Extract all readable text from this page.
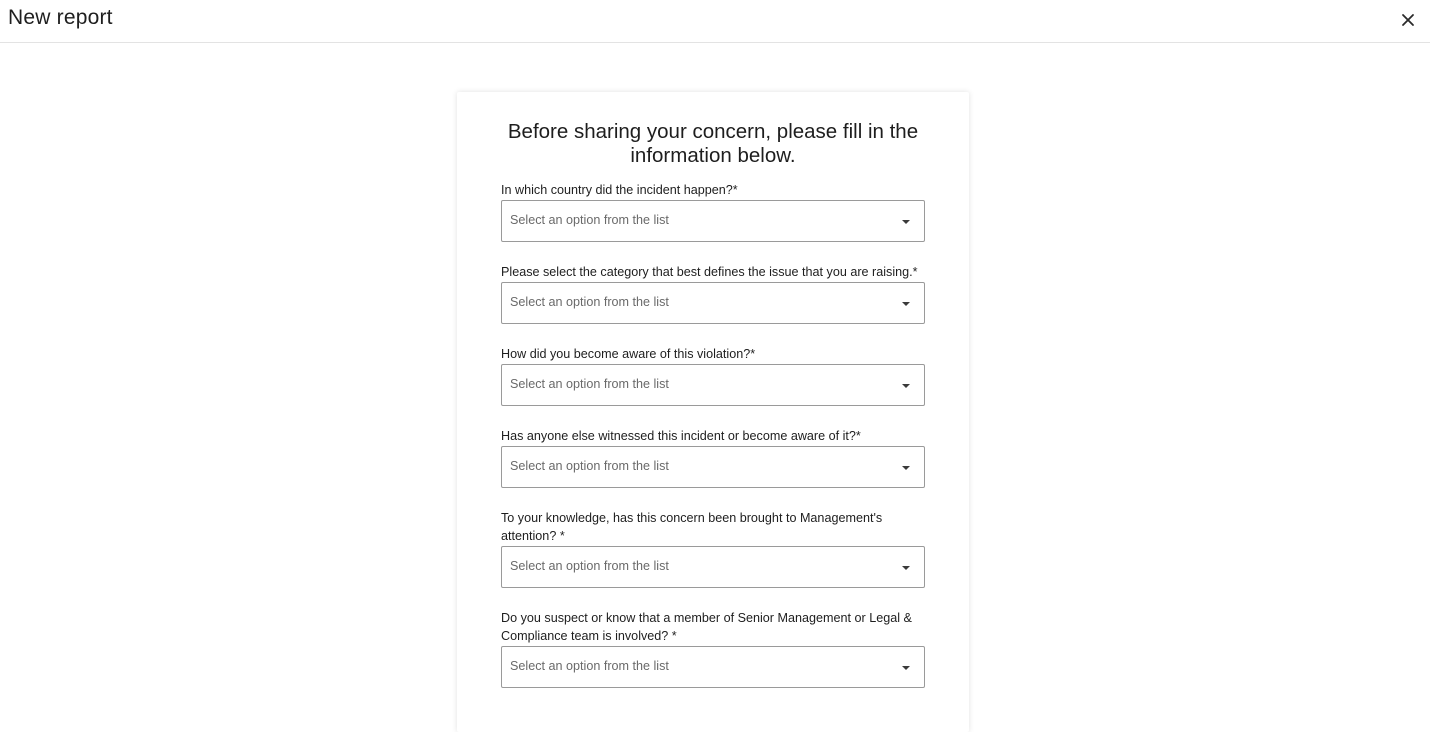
New report
Before sharing your concern, please fill in the information below.
In which country did the incident happen?*
Select an option from the list
Please select the category that best defines the issue that you are raising.*
Select an option from the list
How did you become aware of this violation?*
Select an option from the list
Has anyone else witnessed this incident or become aware of it?*
Select an option from the list
To your knowledge, has this concern been brought to Management's attention? *
Select an option from the list
Do you suspect or know that a member of Senior Management or Legal & Compliance team is involved? *
Select an option from the list
